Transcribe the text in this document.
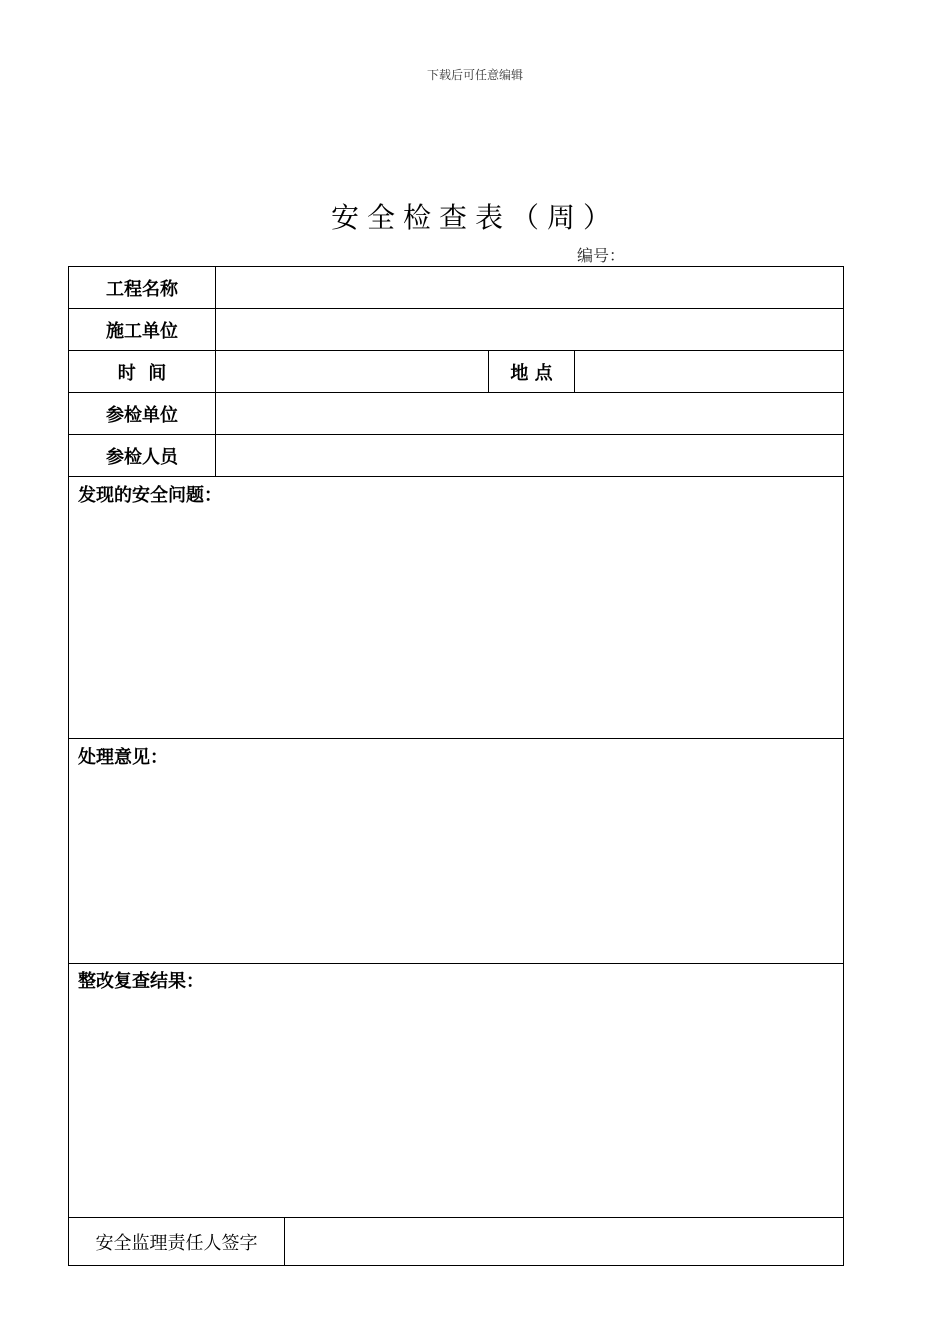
下载后可任意编辑
安全检查表（周）
编号：
工程名称
施工单位
时  间	地 点
参检单位
参检人员
发现的安全问题：
处理意见：
整改复查结果：
安全监理责任人签字
